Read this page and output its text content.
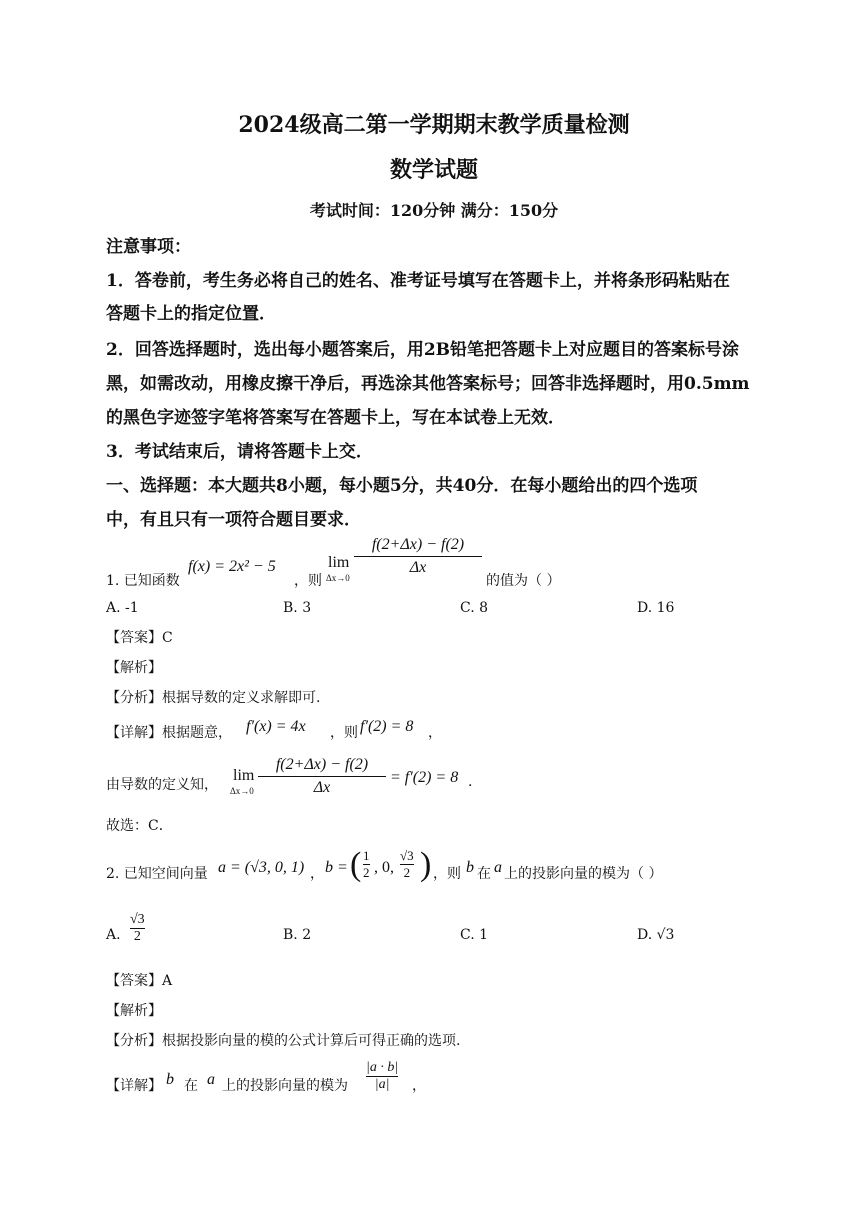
2024级高二第一学期期末教学质量检测
数学试题
考试时间：120分钟 满分：150分
注意事项：
1．答卷前，考生务必将自己的姓名、准考证号填写在答题卡上，并将条形码粘贴在
答题卡上的指定位置．
2．回答选择题时，选出每小题答案后，用2B铅笔把答题卡上对应题目的答案标号涂
黑，如需改动，用橡皮擦干净后，再选涂其他答案标号；回答非选择题时，用0.5mm
的黑色字迹签字笔将答案写在答题卡上，写在本试卷上无效．
3．考试结束后，请将答题卡上交．
一、选择题：本大题共8小题，每小题5分，共40分．在每小题给出的四个选项
中，有且只有一项符合题目要求．
1. 已知函数
f(x) = 2x² − 5
，则
lim
Δx→0
$\frac{f(2+\Delta x) - f(2)}{\Delta x}$
的值为（ ）
A. -1	B. 3	C. 8	D. 16
【答案】C
【解析】
【分析】根据导数的定义求解即可.
【详解】根据题意， f′(x) = 4x ，则 f′(2) = 8 ，
由导数的定义知，
lim
$\Delta x\to 0 \frac{f(2+\Delta x) - f(2)}{\Delta x} = f'(2) = 8$ .
故选：C．
2. 已知空间向量 a = (√3, 0, 1) ， b = ( $\frac{1}{2}$ , 0, $\frac{√3}{2}$ ) ，则 b 在 a 上的投影向量的模为（ ）
A. $\frac{√3}{2}$	B. 2	C. 1	D. √3
【答案】A
【解析】
【分析】根据投影向量的模的公式计算后可得正确的选项.
【详解】 b 在 a 上的投影向量的模为 $\frac{|a \cdot b|}{|a|}$ ，
